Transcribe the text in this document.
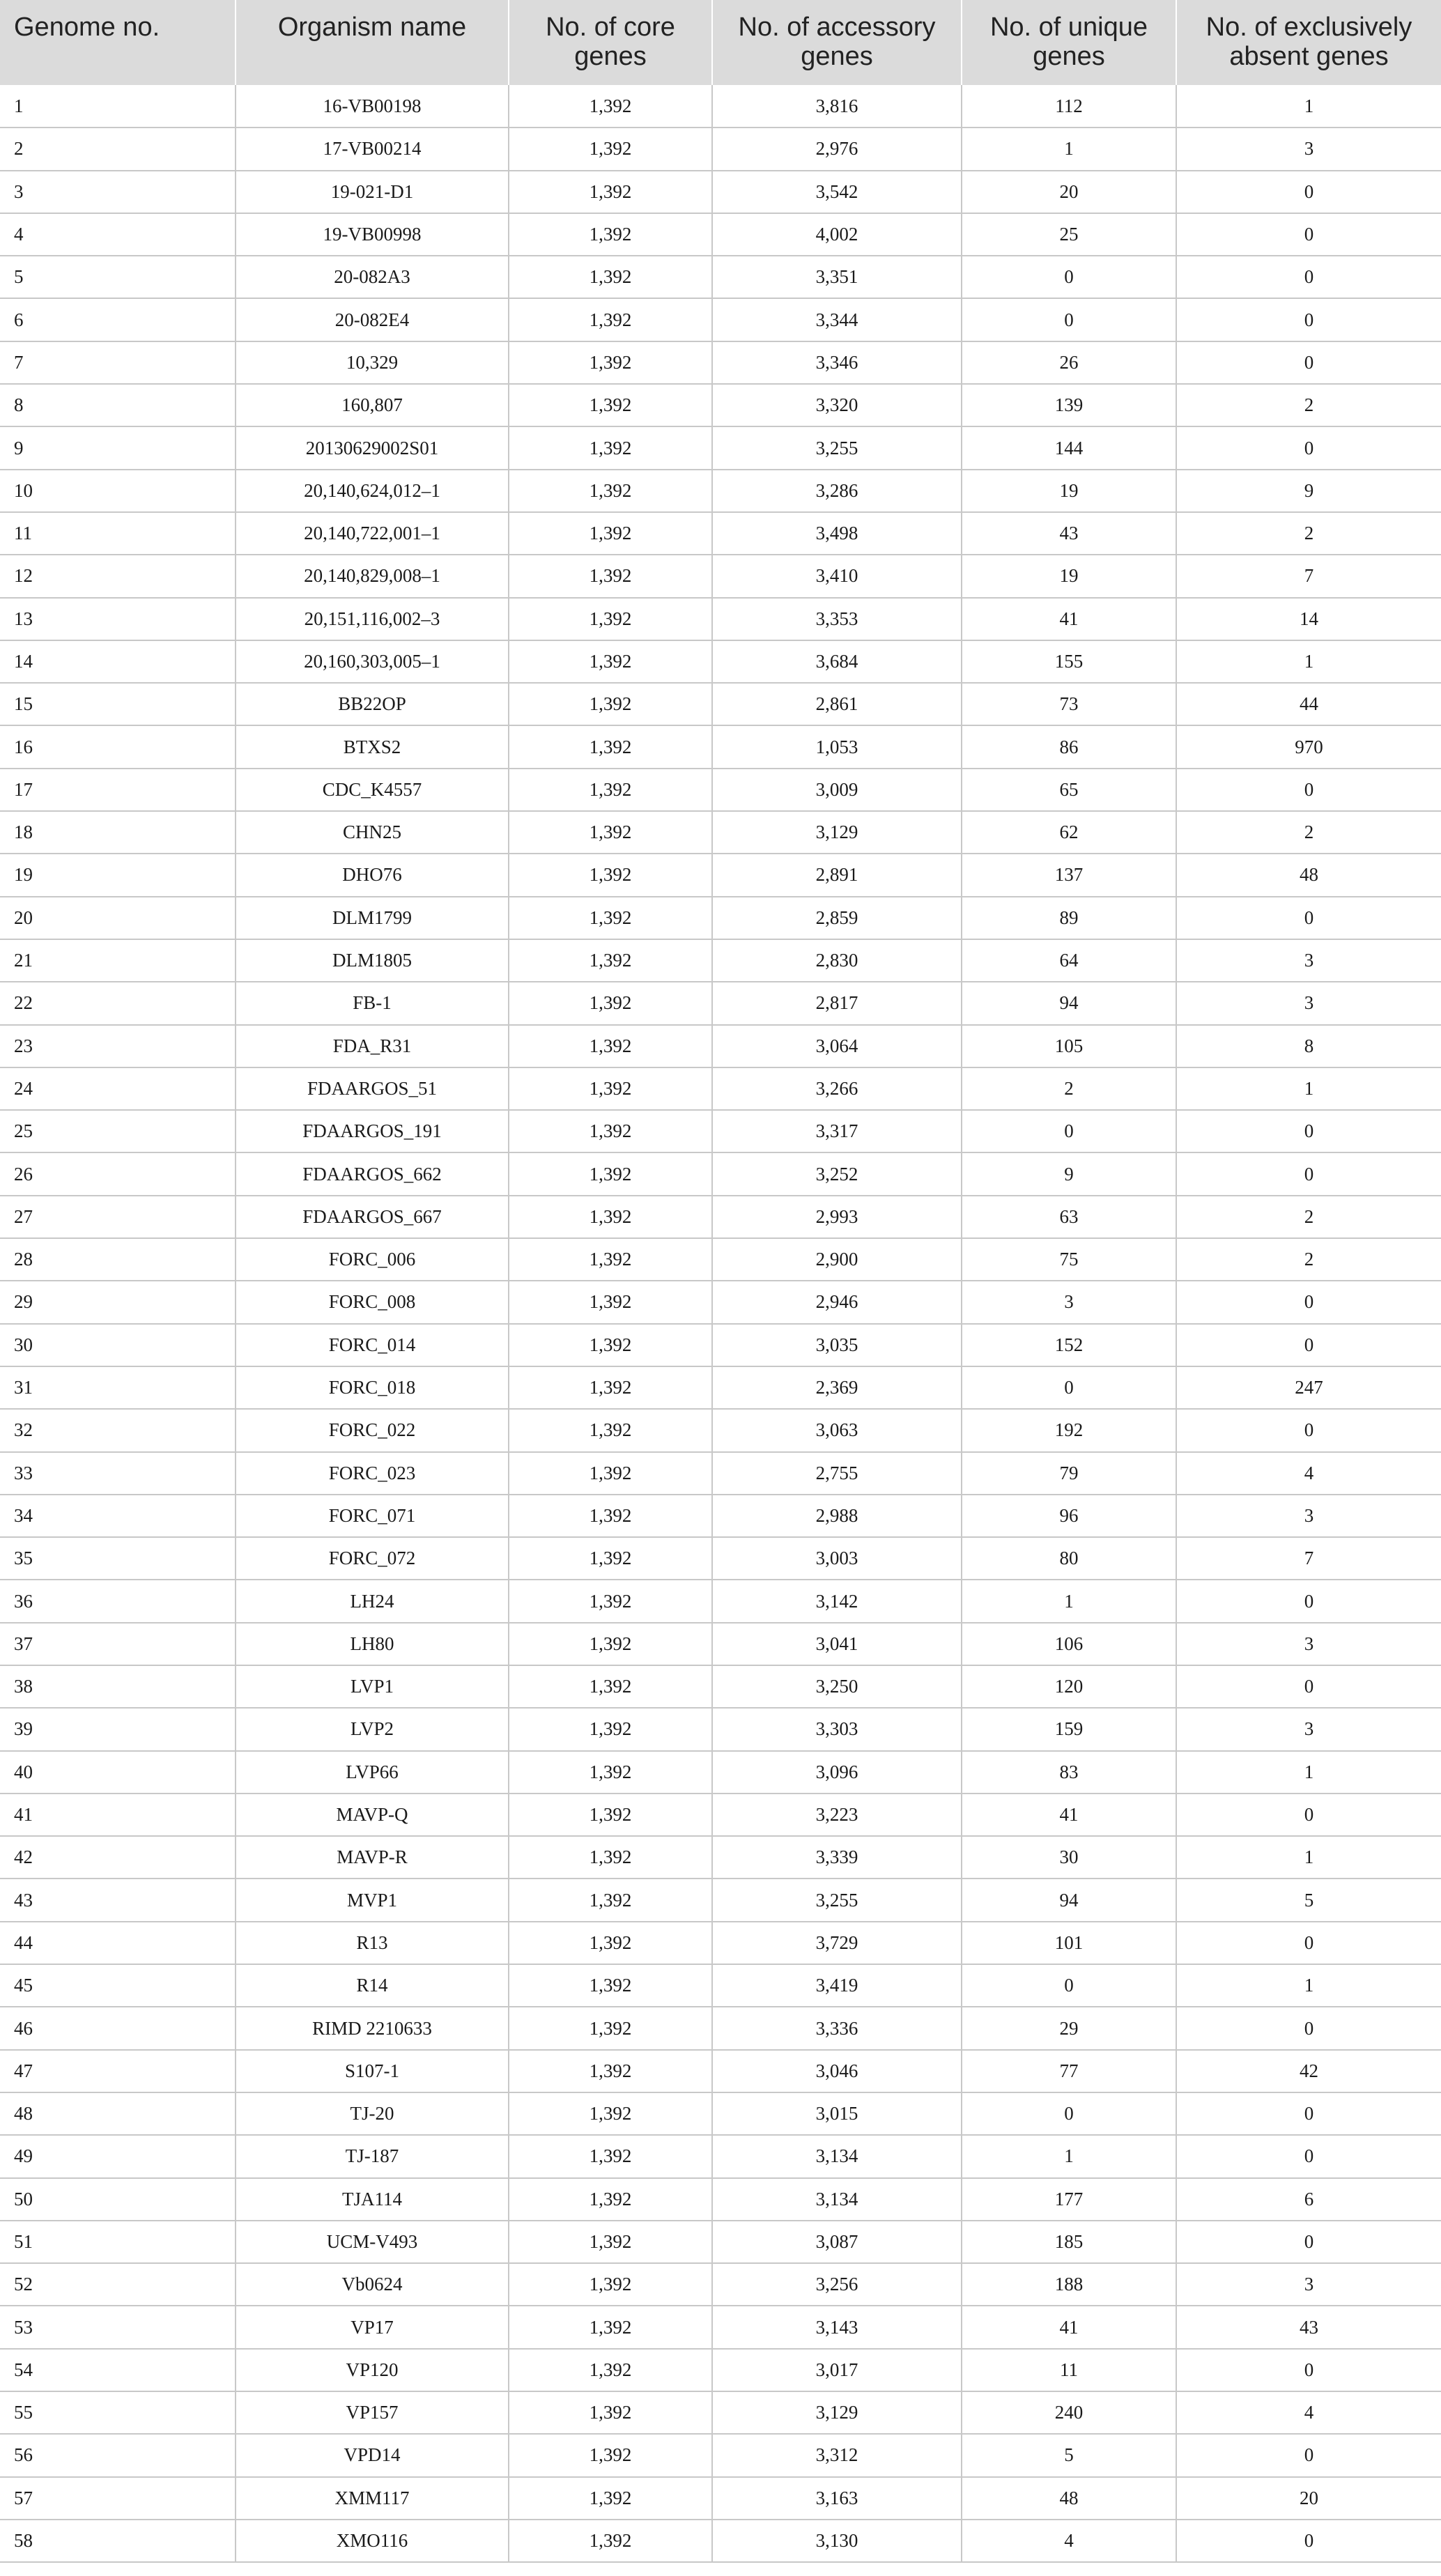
Genome no.	Organism name	No. of core genes	No. of accessory genes	No. of unique genes	No. of exclusively absent genes
1	16-VB00198	1,392	3,816	112	1
2	17-VB00214	1,392	2,976	1	3
3	19-021-D1	1,392	3,542	20	0
4	19-VB00998	1,392	4,002	25	0
5	20-082A3	1,392	3,351	0	0
6	20-082E4	1,392	3,344	0	0
7	10,329	1,392	3,346	26	0
8	160,807	1,392	3,320	139	2
9	20130629002S01	1,392	3,255	144	0
10	20,140,624,012–1	1,392	3,286	19	9
11	20,140,722,001–1	1,392	3,498	43	2
12	20,140,829,008–1	1,392	3,410	19	7
13	20,151,116,002–3	1,392	3,353	41	14
14	20,160,303,005–1	1,392	3,684	155	1
15	BB22OP	1,392	2,861	73	44
16	BTXS2	1,392	1,053	86	970
17	CDC_K4557	1,392	3,009	65	0
18	CHN25	1,392	3,129	62	2
19	DHO76	1,392	2,891	137	48
20	DLM1799	1,392	2,859	89	0
21	DLM1805	1,392	2,830	64	3
22	FB-1	1,392	2,817	94	3
23	FDA_R31	1,392	3,064	105	8
24	FDAARGOS_51	1,392	3,266	2	1
25	FDAARGOS_191	1,392	3,317	0	0
26	FDAARGOS_662	1,392	3,252	9	0
27	FDAARGOS_667	1,392	2,993	63	2
28	FORC_006	1,392	2,900	75	2
29	FORC_008	1,392	2,946	3	0
30	FORC_014	1,392	3,035	152	0
31	FORC_018	1,392	2,369	0	247
32	FORC_022	1,392	3,063	192	0
33	FORC_023	1,392	2,755	79	4
34	FORC_071	1,392	2,988	96	3
35	FORC_072	1,392	3,003	80	7
36	LH24	1,392	3,142	1	0
37	LH80	1,392	3,041	106	3
38	LVP1	1,392	3,250	120	0
39	LVP2	1,392	3,303	159	3
40	LVP66	1,392	3,096	83	1
41	MAVP-Q	1,392	3,223	41	0
42	MAVP-R	1,392	3,339	30	1
43	MVP1	1,392	3,255	94	5
44	R13	1,392	3,729	101	0
45	R14	1,392	3,419	0	1
46	RIMD 2210633	1,392	3,336	29	0
47	S107-1	1,392	3,046	77	42
48	TJ-20	1,392	3,015	0	0
49	TJ-187	1,392	3,134	1	0
50	TJA114	1,392	3,134	177	6
51	UCM-V493	1,392	3,087	185	0
52	Vb0624	1,392	3,256	188	3
53	VP17	1,392	3,143	41	43
54	VP120	1,392	3,017	11	0
55	VP157	1,392	3,129	240	4
56	VPD14	1,392	3,312	5	0
57	XMM117	1,392	3,163	48	20
58	XMO116	1,392	3,130	4	0
